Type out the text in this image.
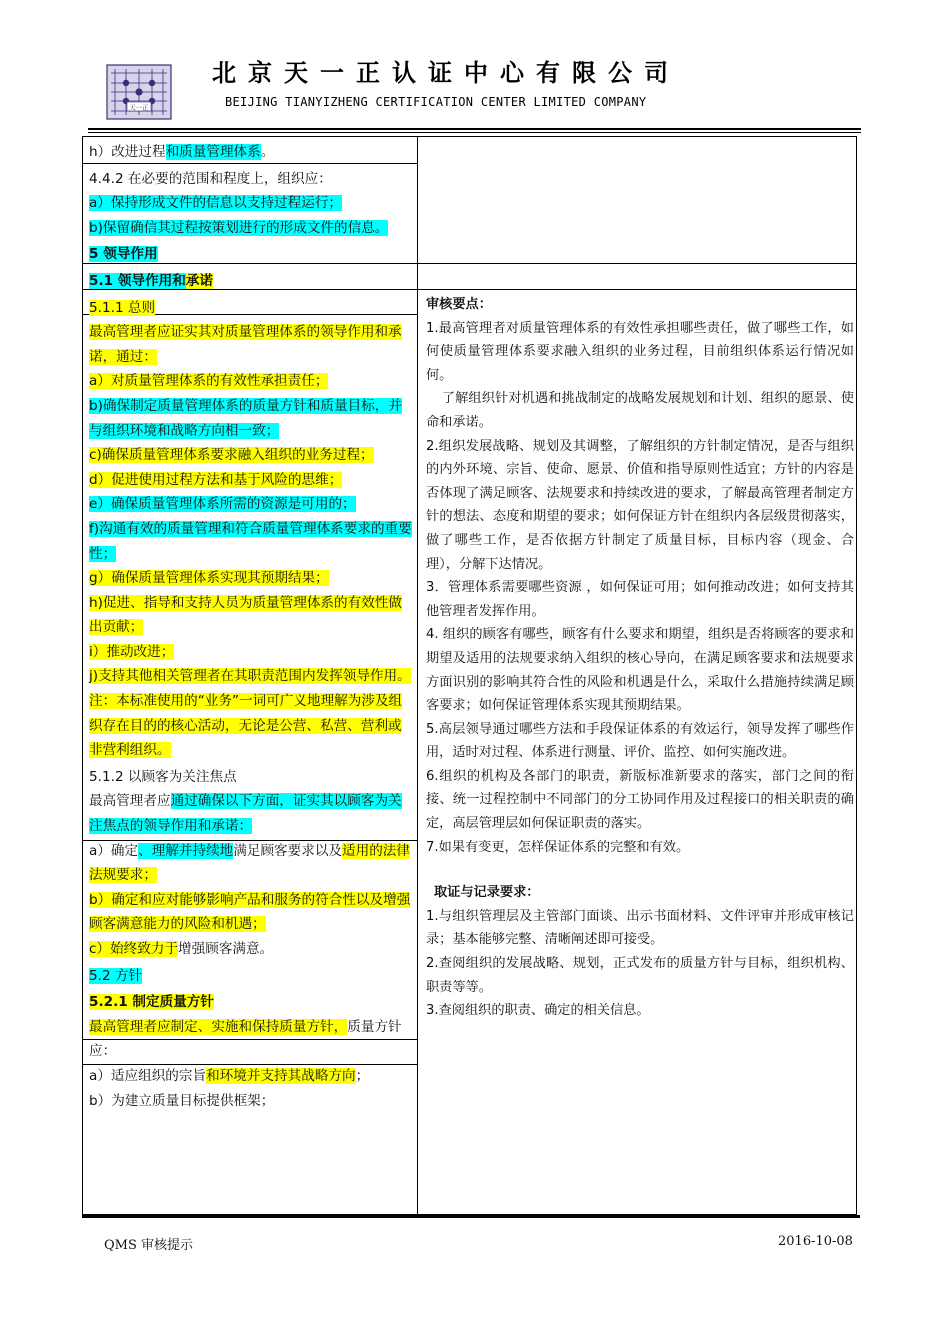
天一正
北京天一正认证中心有限公司
BEIJING TIANYIZHENG CERTIFICATION CENTER LIMITED COMPANY

h）改进过程和质量管理体系。

4.4.2 在必要的范围和程度上，组织应：

a）保持形成文件的信息以支持过程运行；

b)保留确信其过程按策划进行的形成文件的信息。

5 领导作用

5.1 领导作用和承诺

5.1.1 总则

最高管理者应证实其对质量管理体系的领导作用和承诺，通过：

a）对质量管理体系的有效性承担责任；

b)确保制定质量管理体系的质量方针和质量目标，并与组织环境和战略方向相一致；

c)确保质量管理体系要求融入组织的业务过程；

d）促进使用过程方法和基于风险的思维；

e）确保质量管理体系所需的资源是可用的；

f)沟通有效的质量管理和符合质量管理体系要求的重要性；

g）确保质量管理体系实现其预期结果；

h)促进、指导和支持人员为质量管理体系的有效性做出贡献；

i）推动改进；

j)支持其他相关管理者在其职责范围内发挥领导作用。

注：本标准使用的“业务”一词可广义地理解为涉及组织存在目的的核心活动，无论是公营、私营、营利或非营利组织。

5.1.2 以顾客为关注焦点

最高管理者应通过确保以下方面，证实其以顾客为关注焦点的领导作用和承诺：

a）确定、理解并持续地满足顾客要求以及适用的法律法规要求；

b）确定和应对能够影响产品和服务的符合性以及增强顾客满意能力的风险和机遇；

c）始终致力于增强顾客满意。

5.2 方针

5.2.1 制定质量方针

最高管理者应制定、实施和保持质量方针，质量方针应：

a）适应组织的宗旨和环境并支持其战略方向；

b）为建立质量目标提供框架；

审核要点：

1.最高管理者对质量管理体系的有效性承担哪些责任，做了哪些工作，如何使质量管理体系要求融入组织的业务过程，目前组织体系运行情况如何。

了解组织针对机遇和挑战制定的战略发展规划和计划、组织的愿景、使命和承诺。

2.组织发展战略、规划及其调整，了解组织的方针制定情况，是否与组织的内外环境、宗旨、使命、愿景、价值和指导原则性适宜；方针的内容是否体现了满足顾客、法规要求和持续改进的要求，了解最高管理者制定方针的想法、态度和期望的要求；如何保证方针在组织内各层级贯彻落实，做了哪些工作，是否依据方针制定了质量目标，目标内容（现金、合理），分解下达情况。

3．管理体系需要哪些资源 ，如何保证可用；如何推动改进；如何支持其他管理者发挥作用。

4. 组织的顾客有哪些，顾客有什么要求和期望，组织是否将顾客的要求和期望及适用的法规要求纳入组织的核心导向，在满足顾客要求和法规要求方面识别的影响其符合性的风险和机遇是什么，采取什么措施持续满足顾客要求；如何保证管理体系实现其预期结果。

5.高层领导通过哪些方法和手段保证体系的有效运行，领导发挥了哪些作用，适时对过程、体系进行测量、评价、监控、如何实施改进。

6.组织的机构及各部门的职责，新版标准新要求的落实，部门之间的衔接、统一过程控制中不同部门的分工协同作用及过程接口的相关职责的确定，高层管理层如何保证职责的落实。

7.如果有变更，怎样保证体系的完整和有效。

取证与记录要求：

1.与组织管理层及主管部门面谈、出示书面材料、文件评审并形成审核记录；基本能够完整、清晰阐述即可接受。

2.查阅组织的发展战略、规划，正式发布的质量方针与目标，组织机构、职责等等。

3.查阅组织的职责、确定的相关信息。

QMS 审核提示	2016-10-08
